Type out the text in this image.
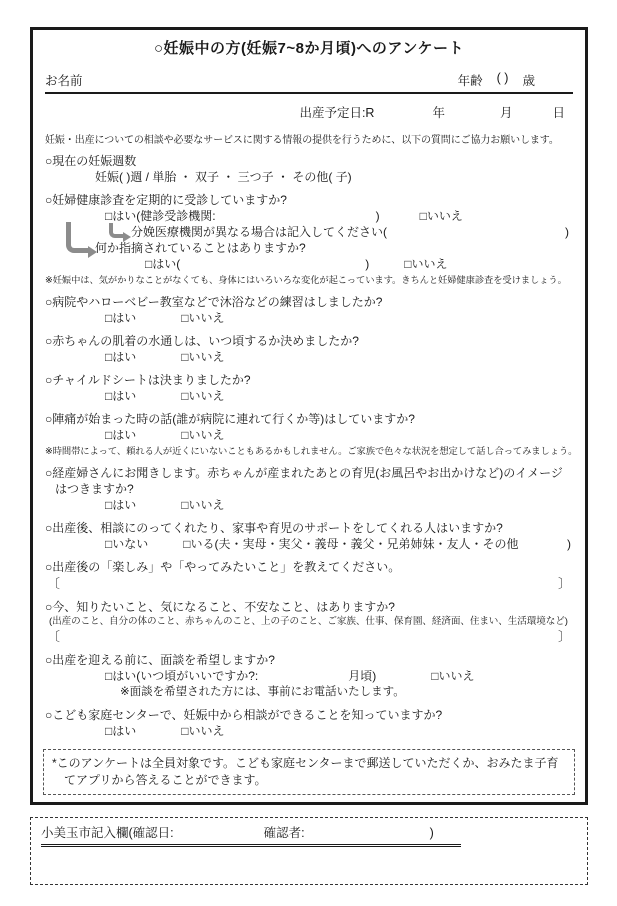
○妊娠中の方(妊娠7~8か月頃)へのアンケート
お名前	年齢 ( ) 歳
出産予定日:R	年	月	日
妊娠・出産についての相談や必要なサービスに関する情報の提供を行うために、以下の質問にご協力お願いします。
○現在の妊娠週数
妊娠( )週 / 単胎 ・ 双子 ・ 三つ子 ・ その他( 子)
○妊婦健康診査を定期的に受診していますか?
□はい(健診受診機関:	)	□いいえ
分娩医療機関が異なる場合は記入してください(	)
何か指摘されていることはありますか?
□はい(	)	□いいえ
※妊娠中は、気がかりなことがなくても、身体にはいろいろな変化が起こっています。きちんと妊婦健康診査を受けましょう。
○病院やハローベビー教室などで沐浴などの練習はしましたか?
□はい	□いいえ
○赤ちゃんの肌着の水通しは、いつ頃するか決めましたか?
□はい	□いいえ
○チャイルドシートは決まりましたか?
□はい	□いいえ
○陣痛が始まった時の話(誰が病院に連れて行くか等)はしていますか?
□はい	□いいえ
※時間帯によって、頼れる人が近くにいないこともあるかもしれません。ご家族で色々な状況を想定して話し合ってみましょう。
○経産婦さんにお聞きします。赤ちゃんが産まれたあとの育児(お風呂やお出かけなど)のイメージ
はつきますか?
□はい	□いいえ
○出産後、相談にのってくれたり、家事や育児のサポートをしてくれる人はいますか?
□いない	□いる(夫・実母・実父・義母・義父・兄弟姉妹・友人・その他	)
○出産後の「楽しみ」や「やってみたいこと」を教えてください。
〔	〕
○今、知りたいこと、気になること、不安なこと、はありますか?
(出産のこと、自分の体のこと、赤ちゃんのこと、上の子のこと、ご家族、仕事、保育園、経済面、住まい、生活環境など)
〔	〕
○出産を迎える前に、面談を希望しますか?
□はい(いつ頃がいいですか?:	月頃)	□いいえ
※面談を希望された方には、事前にお電話いたします。
○こども家庭センターで、妊娠中から相談ができることを知っていますか?
□はい	□いいえ
*このアンケートは全員対象です。こども家庭センターまで郵送していただくか、おみたま子育てアプリから答えることができます。
小美玉市記入欄(確認日:	確認者:	)
